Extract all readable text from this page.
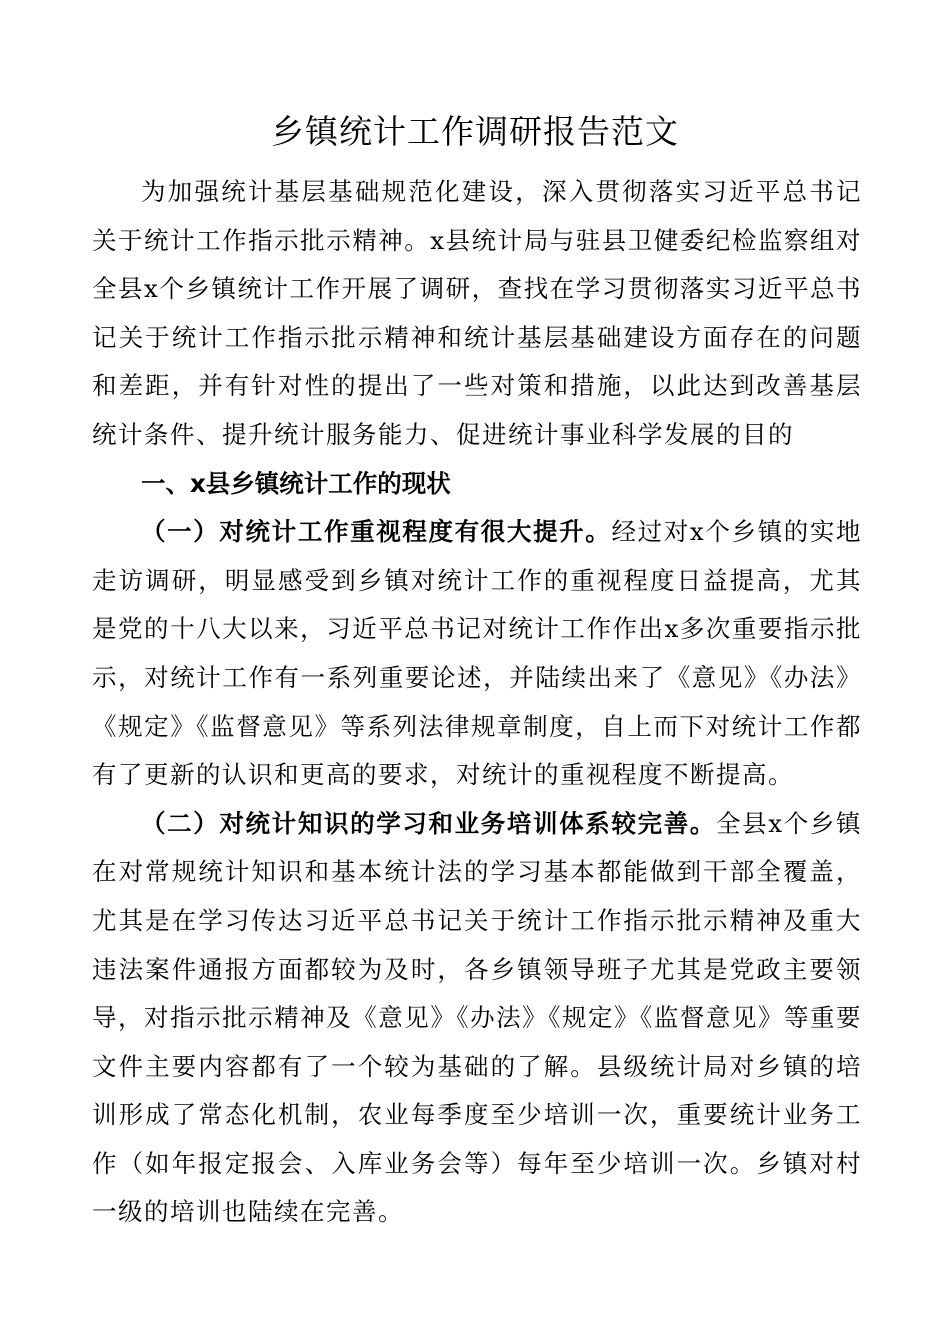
乡镇统计工作调研报告范文

为加强统计基层基础规范化建设，深入贯彻落实习近平总书记关于统计工作指示批示精神。x县统计局与驻县卫健委纪检监察组对全县x个乡镇统计工作开展了调研，查找在学习贯彻落实习近平总书记关于统计工作指示批示精神和统计基层基础建设方面存在的问题和差距，并有针对性的提出了一些对策和措施，以此达到改善基层统计条件、提升统计服务能力、促进统计事业科学发展的目的

一、x县乡镇统计工作的现状

（一）对统计工作重视程度有很大提升。经过对x个乡镇的实地走访调研，明显感受到乡镇对统计工作的重视程度日益提高，尤其是党的十八大以来，习近平总书记对统计工作作出x多次重要指示批示，对统计工作有一系列重要论述，并陆续出来了《意见》《办法》《规定》《监督意见》等系列法律规章制度，自上而下对统计工作都有了更新的认识和更高的要求，对统计的重视程度不断提高。

（二）对统计知识的学习和业务培训体系较完善。全县x个乡镇在对常规统计知识和基本统计法的学习基本都能做到干部全覆盖，尤其是在学习传达习近平总书记关于统计工作指示批示精神及重大违法案件通报方面都较为及时，各乡镇领导班子尤其是党政主要领导，对指示批示精神及《意见》《办法》《规定》《监督意见》等重要文件主要内容都有了一个较为基础的了解。县级统计局对乡镇的培训形成了常态化机制，农业每季度至少培训一次，重要统计业务工作（如年报定报会、入库业务会等）每年至少培训一次。乡镇对村一级的培训也陆续在完善。
